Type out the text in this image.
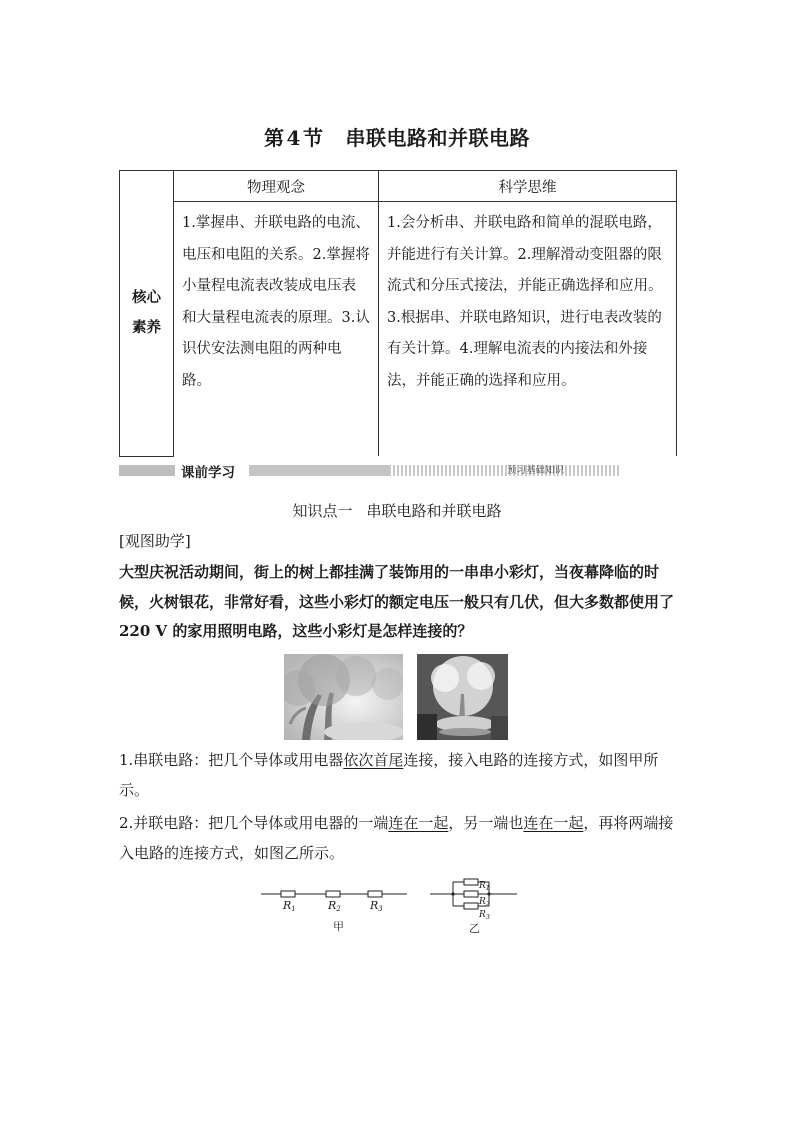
第 4 节 串联电路和并联电路
核心
素养	物理观念	科学思维
	1.掌握串、并联电路的电流、电压和电阻的关系。2.掌握将小量程电流表改装成电压表和大量程电流表的原理。3.认识伏安法测电阻的两种电路。	1.会分析串、并联电路和简单的混联电路，并能进行有关计算。2.理解滑动变阻器的限流式和分压式接法，并能正确选择和应用。3.根据串、并联电路知识，进行电表改装的有关计算。4.理解电流表的内接法和外接法，并能正确的选择和应用。
课前学习	预习基础知识
知识点一 串联电路和并联电路
[观图助学]
大型庆祝活动期间，街上的树上都挂满了装饰用的一串串小彩灯，当夜幕降临的时候，火树银花，非常好看，这些小彩灯的额定电压一般只有几伏，但大多数都使用了 220 V 的家用照明电路，这些小彩灯是怎样连接的？
1.串联电路：把几个导体或用电器依次首尾连接，接入电路的连接方式，如图甲所示。
2.并联电路：把几个导体或用电器的一端连在一起，另一端也连在一起，再将两端接入电路的连接方式，如图乙所示。
R1	R2	R3
$R_1$
$R_2$
$R_3$
甲	乙
